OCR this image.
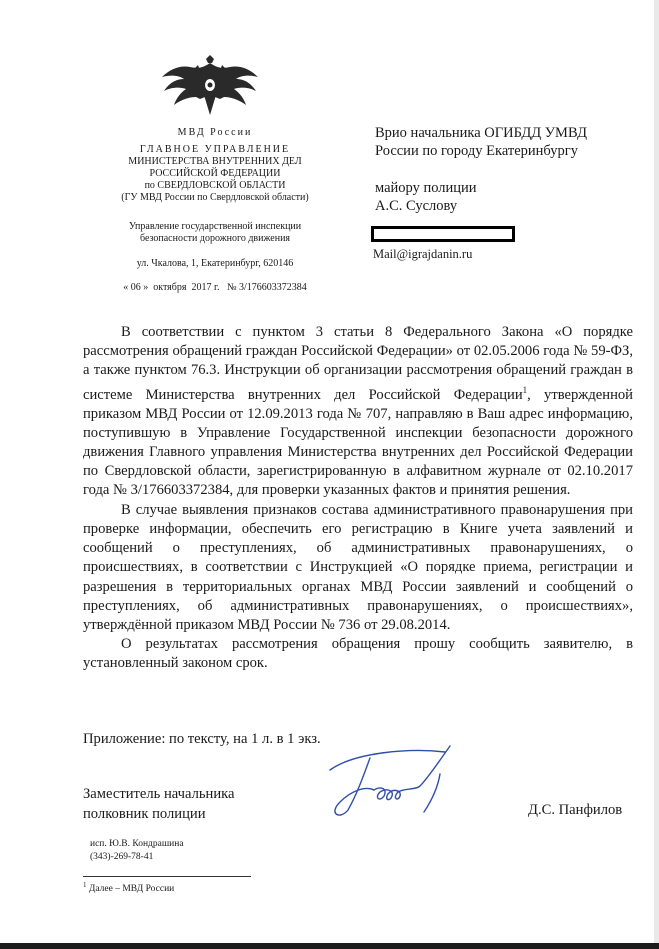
МВД России
ГЛАВНОЕ УПРАВЛЕНИЕ
МИНИСТЕРСТВА ВНУТРЕННИХ ДЕЛ
РОССИЙСКОЙ ФЕДЕРАЦИИ
по СВЕРДЛОВСКОЙ ОБЛАСТИ
(ГУ МВД России по Свердловской области)
Управление государственной инспекции
безопасности дорожного движения
ул. Чкалова, 1, Екатеринбург, 620146
« 06 »  октября  2017 г.   № 3/176603372384
Врио начальника ОГИБДД УМВД
России по городу Екатеринбургу
майору полиции
А.С. Суслову
Mail@igrajdanin.ru

В соответствии с пунктом 3 статьи 8 Федерального Закона «О порядке рассмотрения обращений граждан Российской Федерации» от 02.05.2006 года № 59-ФЗ, а также пунктом 76.3. Инструкции об организации рассмотрения обращений граждан в системе Министерства внутренних дел Российской Федерации$^1$, утвержденной приказом МВД России от 12.09.2013 года № 707, направляю в Ваш адрес информацию, поступившую в Управление Государственной инспекции безопасности дорожного движения Главного управления Министерства внутренних дел Российской Федерации по Свердловской области, зарегистрированную в алфавитном журнале от 02.10.2017 года № 3/176603372384, для проверки указанных фактов и принятия решения.

В случае выявления признаков состава административного правонарушения при проверке информации, обеспечить его регистрацию в Книге учета заявлений и сообщений о преступлениях, об административных правонарушениях, о происшествиях, в соответствии с Инструкцией «О порядке приема, регистрации и разрешения в территориальных органах МВД России заявлений и сообщений о преступлениях, об административных правонарушениях, о происшествиях», утверждённой приказом МВД России № 736 от 29.08.2014.

О результатах рассмотрения обращения прошу сообщить заявителю, в установленный законом срок.

Приложение: по тексту, на 1 л. в 1 экз.
Заместитель начальника
полковник полиции	Д.С. Панфилов
исп. Ю.В. Кондрашина
(343)-269-78-41
$^1$ Далее – МВД России
